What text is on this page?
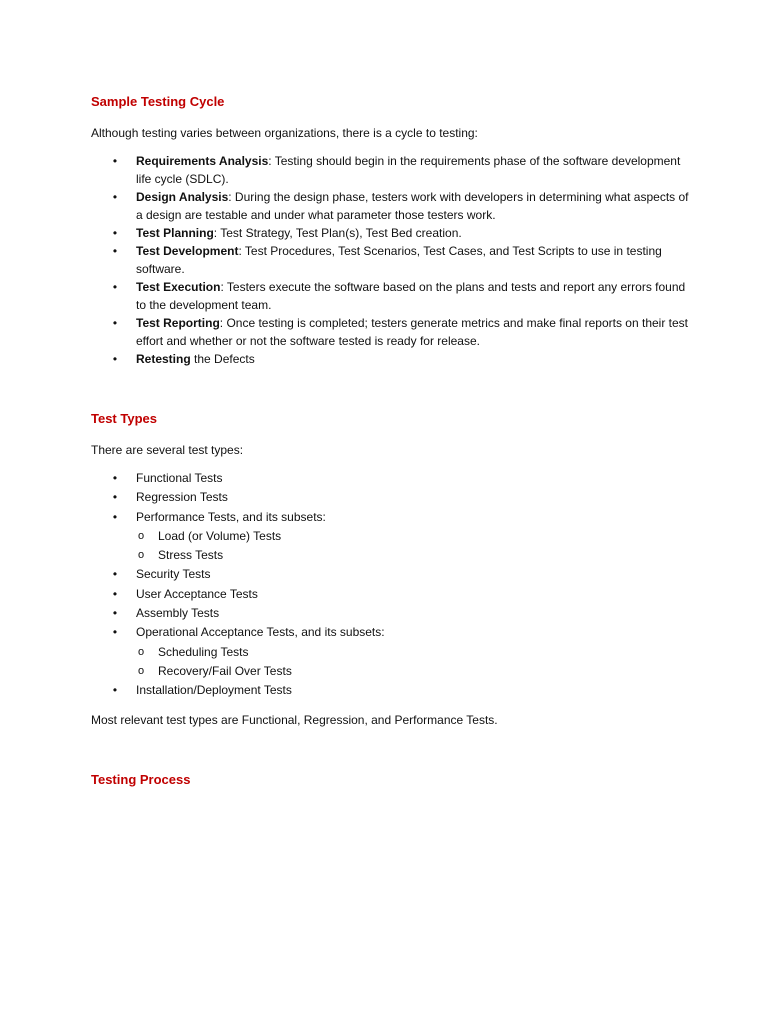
Sample Testing Cycle

Although testing varies between organizations, there is a cycle to testing:

• Requirements Analysis: Testing should begin in the requirements phase of the software development life cycle (SDLC).
• Design Analysis: During the design phase, testers work with developers in determining what aspects of a design are testable and under what parameter those testers work.
• Test Planning: Test Strategy, Test Plan(s), Test Bed creation.
• Test Development: Test Procedures, Test Scenarios, Test Cases, and Test Scripts to use in testing software.
• Test Execution: Testers execute the software based on the plans and tests and report any errors found to the development team.
• Test Reporting: Once testing is completed; testers generate metrics and make final reports on their test effort and whether or not the software tested is ready for release.
• Retesting the Defects
Test Types

There are several test types:

• Functional Tests
• Regression Tests
• Performance Tests, and its subsets:
o Load (or Volume) Tests
o Stress Tests
• Security Tests
• User Acceptance Tests
• Assembly Tests
• Operational Acceptance Tests, and its subsets:
o Scheduling Tests
o Recovery/Fail Over Tests
• Installation/Deployment Tests

Most relevant test types are Functional, Regression, and Performance Tests.

Testing Process
